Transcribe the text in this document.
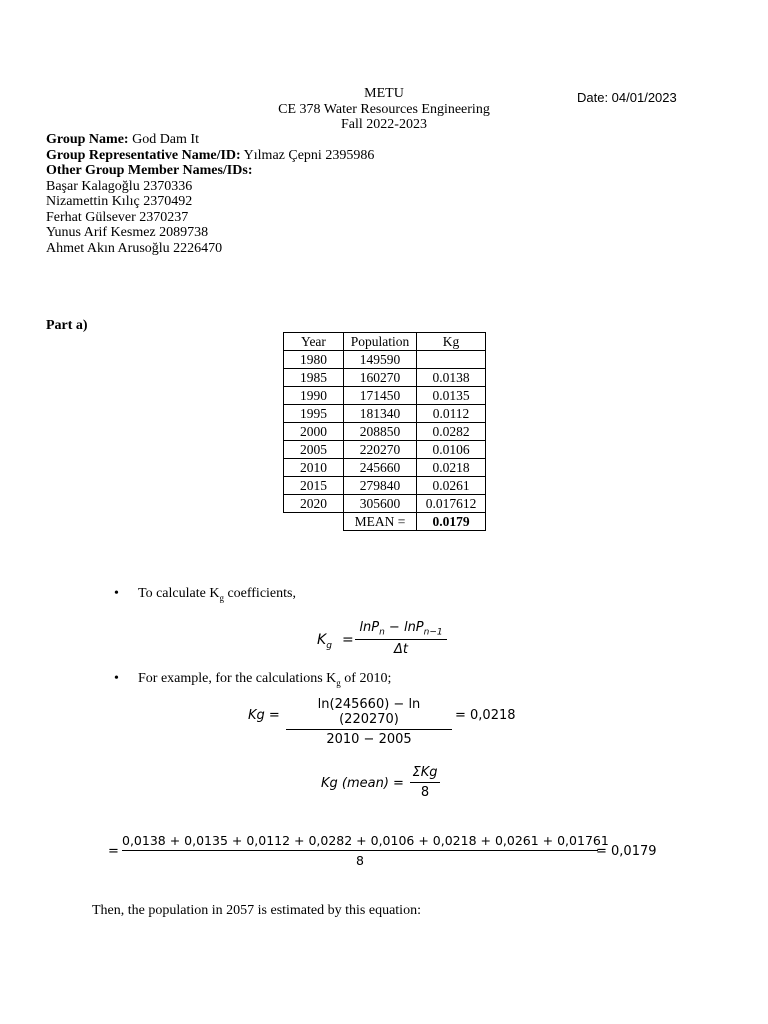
METU
CE 378 Water Resources Engineering
Fall 2022-2023
Date: 04/01/2023
Group Name: God Dam It
Group Representative Name/ID: Yılmaz Çepni 2395986
Other Group Member Names/IDs:
Başar Kalagoğlu 2370336
Nizamettin Kılıç 2370492
Ferhat Gülsever 2370237
Yunus Arif Kesmez 2089738
Ahmet Akın Arusoğlu 2226470
Part a)
Year	Population	Kg
1980	149590	
1985	160270	0.0138
1990	171450	0.0135
1995	181340	0.0112
2000	208850	0.0282
2005	220270	0.0106
2010	245660	0.0218
2015	279840	0.0261
2020	305600	0.017612
	MEAN =	0.0179
• To calculate $K_g$ coefficients,
$K_g = \frac{\ln P_n - \ln P_{n-1}}{\Delta t}$
• For example, for the calculations $K_g$ of 2010;
$Kg = \frac{\ln(245660) - \ln (220270)}{2010 - 2005} = 0,0218$
Kg (mean) =
ΣKg
8
=
0,0138 + 0,0135 + 0,0112 + 0,0282 + 0,0106 + 0,0218 + 0,0261 + 0,01761
8
= 0,0179
Then, the population in 2057 is estimated by this equation:
